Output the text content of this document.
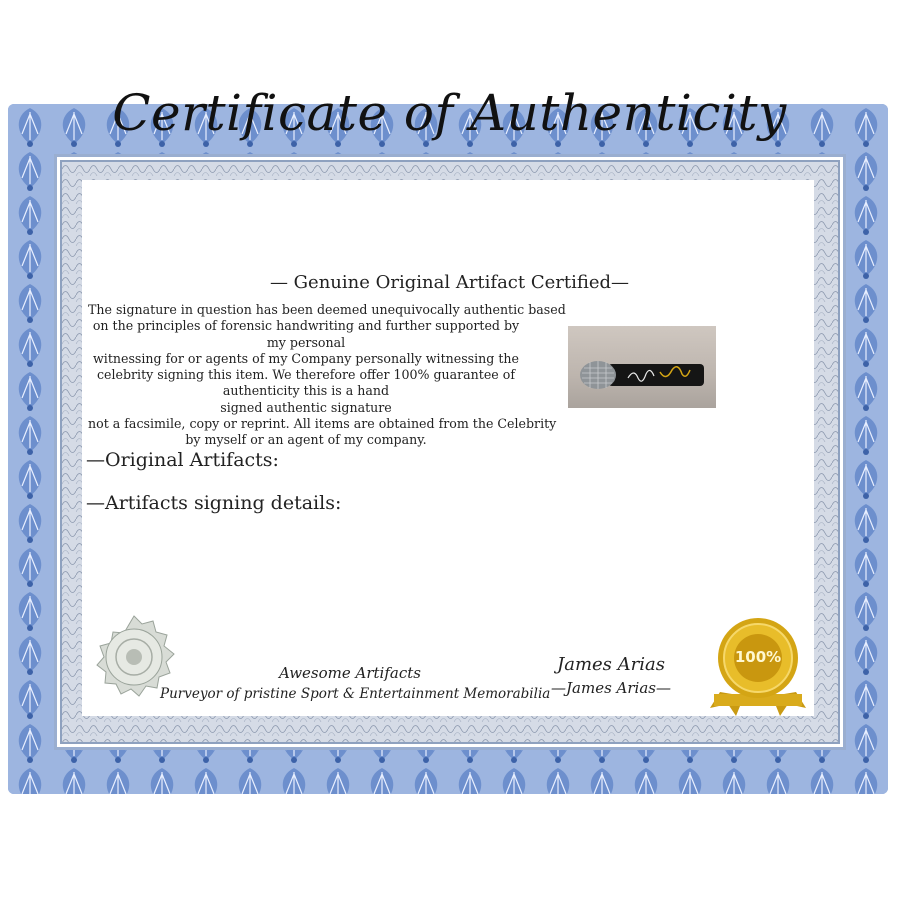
Certificate of Authenticity
— Genuine Original Artifact Certified—
The signature in question has been deemed unequivocally authentic based
on the principles of forensic handwriting and further supported by
my personal
witnessing for or agents of my Company personally witnessing the
celebrity signing this item. We therefore offer 100% guarantee of
authenticity this is a hand
signed authentic signature
not a facsimile, copy or reprint. All items are obtained from the Celebrity
by myself or an agent of my company.
—Original Artifacts:
—Artifacts signing details:
Awesome Artifacts
Purveyor of pristine Sport & Entertainment Memorabilia
James Arias
—James Arias—
100%
